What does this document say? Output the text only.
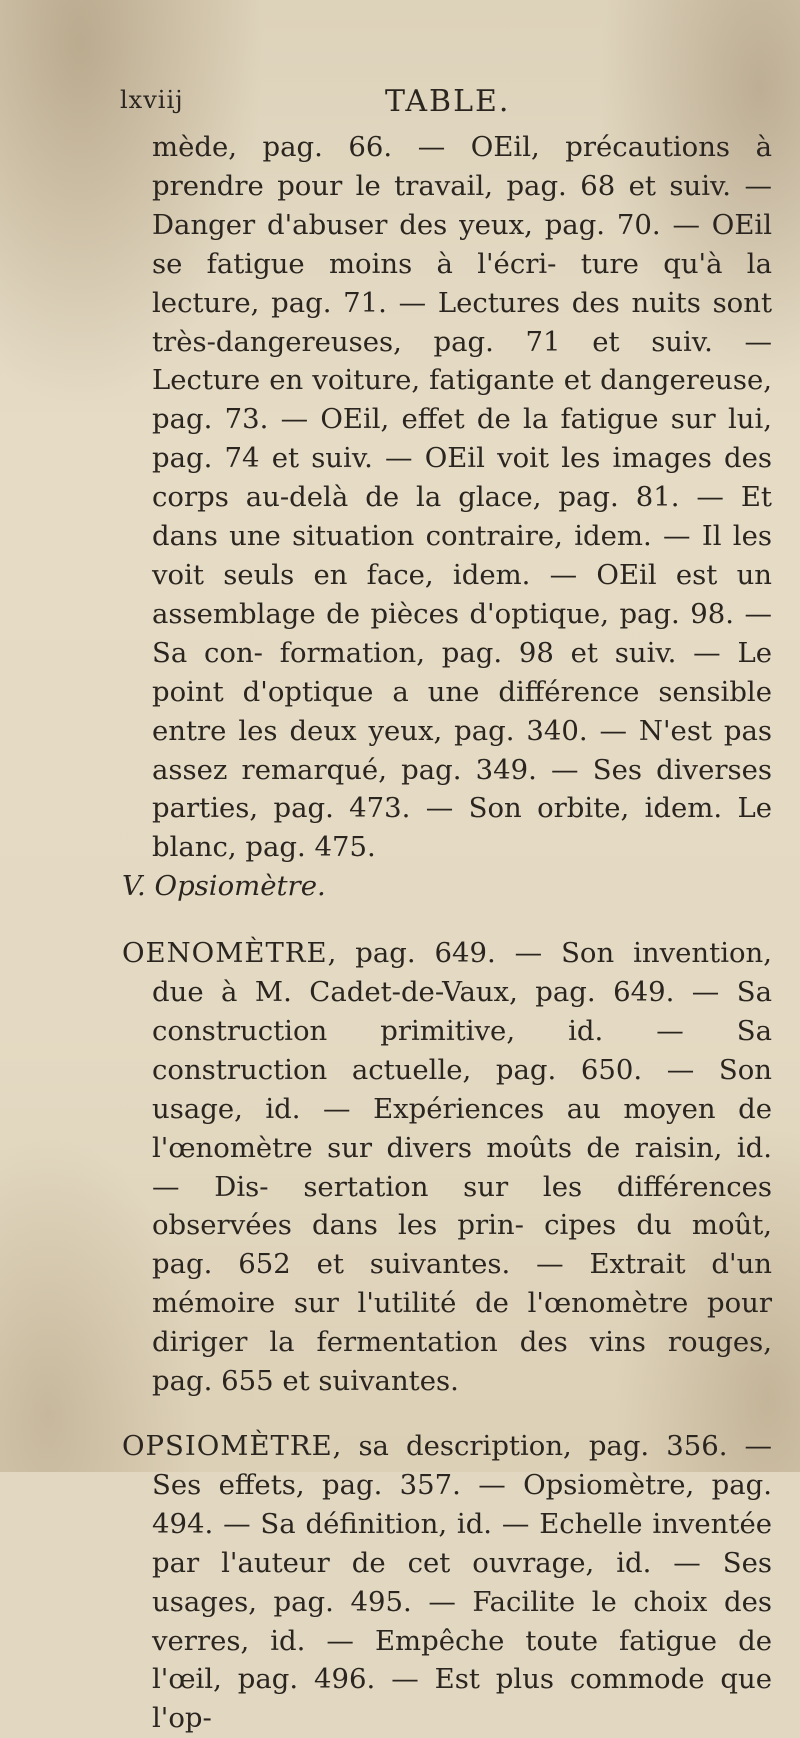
lxviij	TABLE.
mède, pag. 66. — OEil, précautions à prendre pour le travail, pag. 68 et suiv. — Danger d'abuser des yeux, pag. 70. — OEil se fatigue moins à l'écri- ture qu'à la lecture, pag. 71. — Lectures des nuits sont très-dangereuses, pag. 71 et suiv. — Lecture en voiture, fatigante et dangereuse, pag. 73. — OEil, effet de la fatigue sur lui, pag. 74 et suiv. — OEil voit les images des corps au-delà de la glace, pag. 81. — Et dans une situation contraire, idem. — Il les voit seuls en face, idem. — OEil est un assemblage de pièces d'optique, pag. 98. — Sa con- formation, pag. 98 et suiv. — Le point d'optique a une différence sensible entre les deux yeux, pag. 340. — N'est pas assez remarqué, pag. 349. — Ses diverses parties, pag. 473. — Son orbite, idem. Le blanc, pag. 475.
V. Opsiomètre.
OENOMÈTRE, pag. 649. — Son invention, due à M. Cadet-de-Vaux, pag. 649. — Sa construction primitive, id. — Sa construction actuelle, pag. 650. — Son usage, id. — Expériences au moyen de l'œnomètre sur divers moûts de raisin, id. — Dis- sertation sur les différences observées dans les prin- cipes du moût, pag. 652 et suivantes. — Extrait d'un mémoire sur l'utilité de l'œnomètre pour diriger la fermentation des vins rouges, pag. 655 et suivantes.
OPSIOMÈTRE, sa description, pag. 356. — Ses effets, pag. 357. — Opsiomètre, pag. 494. — Sa définition, id. — Echelle inventée par l'auteur de cet ouvrage, id. — Ses usages, pag. 495. — Facilite le choix des verres, id. — Empêche toute fatigue de l'œil, pag. 496. — Est plus commode que l'op-
